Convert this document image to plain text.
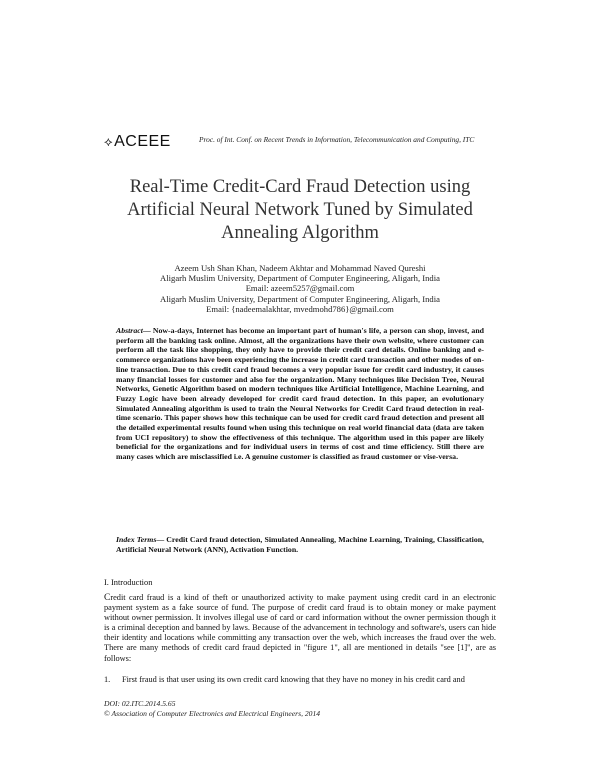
⟡ACEEE	Proc. of Int. Conf. on Recent Trends in Information, Telecommunication and Computing, ITC
Real-Time Credit-Card Fraud Detection using
Artificial Neural Network Tuned by Simulated
Annealing Algorithm
Azeem Ush Shan Khan, Nadeem Akhtar and Mohammad Naved Qureshi
Aligarh Muslim University, Department of Computer Engineering, Aligarh, India
Email: azeem5257@gmail.com
Aligarh Muslim University, Department of Computer Engineering, Aligarh, India
Email: {nadeemalakhtar, mvedmohd786}@gmail.com
Abstract— Now-a-days, Internet has become an important part of human's life, a person can shop, invest, and perform all the banking task online. Almost, all the organizations have their own website, where customer can perform all the task like shopping, they only have to provide their credit card details. Online banking and e-commerce organizations have been experiencing the increase in credit card transaction and other modes of on-line transaction. Due to this credit card fraud becomes a very popular issue for credit card industry, it causes many financial losses for customer and also for the organization. Many techniques like Decision Tree, Neural Networks, Genetic Algorithm based on modern techniques like Artificial Intelligence, Machine Learning, and Fuzzy Logic have been already developed for credit card fraud detection. In this paper, an evolutionary Simulated Annealing algorithm is used to train the Neural Networks for Credit Card fraud detection in real-time scenario. This paper shows how this technique can be used for credit card fraud detection and present all the detailed experimental results found when using this technique on real world financial data (data are taken from UCI repository) to show the effectiveness of this technique. The algorithm used in this paper are likely beneficial for the organizations and for individual users in terms of cost and time efficiency. Still there are many cases which are misclassified i.e. A genuine customer is classified as fraud customer or vise-versa.
Index Terms— Credit Card fraud detection, Simulated Annealing, Machine Learning, Training, Classification, Artificial Neural Network (ANN), Activation Function.
I. Introduction
Credit card fraud is a kind of theft or unauthorized activity to make payment using credit card in an electronic payment system as a fake source of fund. The purpose of credit card fraud is to obtain money or make payment without owner permission. It involves illegal use of card or card information without the owner permission though it is a criminal deception and banned by laws. Because of the advancement in technology and software's, users can hide their identity and locations while committing any transaction over the web, which increases the fraud over the web. There are many methods of credit card fraud depicted in "figure 1", all are mentioned in details "see [1]", are as follows:
1. First fraud is that user using its own credit card knowing that they have no money in his credit card and
DOI: 02.ITC.2014.5.65
© Association of Computer Electronics and Electrical Engineers, 2014
